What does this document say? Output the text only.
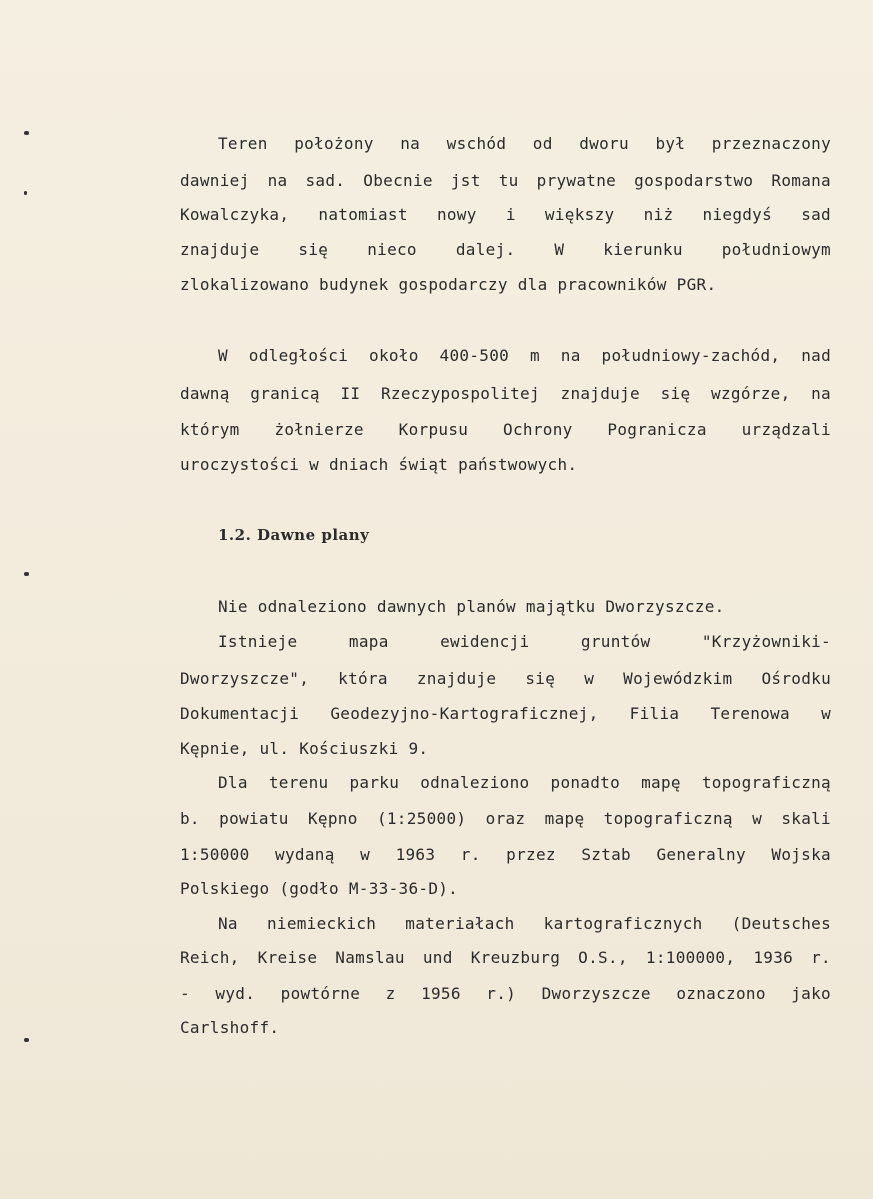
Teren położony na wschód od dworu był przeznaczony
dawniej na sad. Obecnie jst tu prywatne gospodarstwo Romana
Kowalczyka, natomiast nowy i większy niż niegdyś sad
znajduje się nieco dalej. W kierunku południowym
zlokalizowano budynek gospodarczy dla pracowników PGR.
W odległości około 400-500 m na południowy-zachód, nad
dawną granicą II Rzeczypospolitej znajduje się wzgórze, na
którym żołnierze Korpusu Ochrony Pogranicza urządzali
uroczystości w dniach świąt państwowych.
1.2. Dawne plany
Nie odnaleziono dawnych planów majątku Dworzyszcze.
Istnieje mapa ewidencji gruntów "Krzyżowniki-
Dworzyszcze", która znajduje się w Wojewódzkim Ośrodku
Dokumentacji Geodezyjno-Kartograficznej, Filia Terenowa w
Kępnie, ul. Kościuszki 9.
Dla terenu parku odnaleziono ponadto mapę topograficzną
b. powiatu Kępno (1:25000) oraz mapę topograficzną w skali
1:50000 wydaną w 1963 r. przez Sztab Generalny Wojska
Polskiego (godło M-33-36-D).
Na niemieckich materiałach kartograficznych (Deutsches
Reich, Kreise Namslau und Kreuzburg O.S., 1:100000, 1936 r.
- wyd. powtórne z 1956 r.) Dworzyszcze oznaczono jako
Carlshoff.
